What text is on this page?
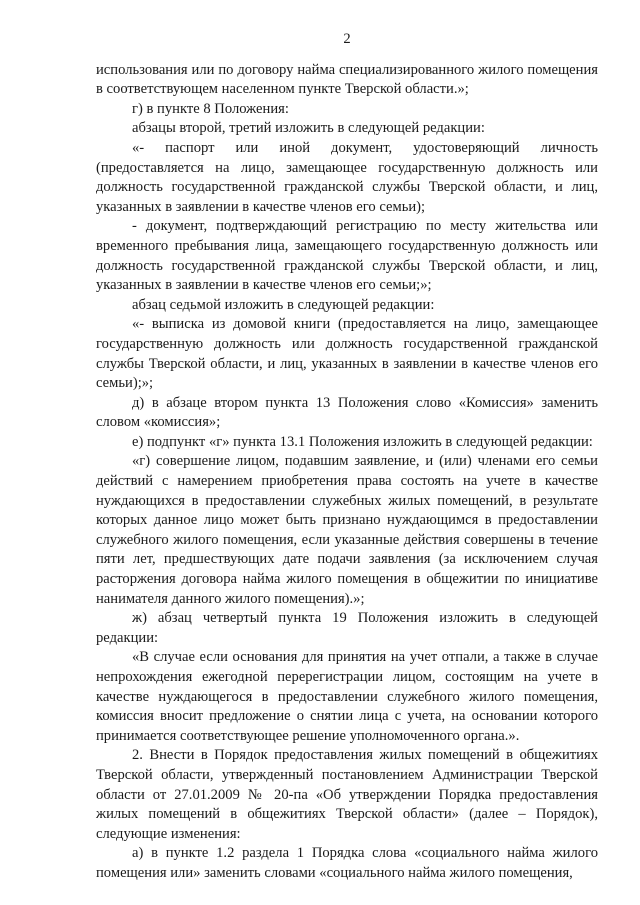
2

использования или по договору найма специализированного жилого помещения в соответствующем населенном пункте Тверской области.»;

г) в пункте 8 Положения:

абзацы второй, третий изложить в следующей редакции:

«- паспорт или иной документ, удостоверяющий личность (предоставляется на лицо, замещающее государственную должность или должность государственной гражданской службы Тверской области, и лиц, указанных в заявлении в качестве членов его семьи);

- документ, подтверждающий регистрацию по месту жительства или временного пребывания лица, замещающего государственную должность или должность государственной гражданской службы Тверской области, и лиц, указанных в заявлении в качестве членов его семьи;»;

абзац седьмой изложить в следующей редакции:

«- выписка из домовой книги (предоставляется на лицо, замещающее государственную должность или должность государственной гражданской службы Тверской области, и лиц, указанных в заявлении в качестве членов его семьи);»;

д) в абзаце втором пункта 13 Положения слово «Комиссия» заменить словом «комиссия»;

е) подпункт «г» пункта 13.1 Положения изложить в следующей редакции:

«г) совершение лицом, подавшим заявление, и (или) членами его семьи действий с намерением приобретения права состоять на учете в качестве нуждающихся в предоставлении служебных жилых помещений, в результате которых данное лицо может быть признано нуждающимся в предоставлении служебного жилого помещения, если указанные действия совершены в течение пяти лет, предшествующих дате подачи заявления (за исключением случая расторжения договора найма жилого помещения в общежитии по инициативе нанимателя данного жилого помещения).»;

ж) абзац четвертый пункта 19 Положения изложить в следующей редакции:

«В случае если основания для принятия на учет отпали, а также в случае непрохождения ежегодной перерегистрации лицом, состоящим на учете в качестве нуждающегося в предоставлении служебного жилого помещения, комиссия вносит предложение о снятии лица с учета, на основании которого принимается соответствующее решение уполномоченного органа.».

2. Внести в Порядок предоставления жилых помещений в общежитиях Тверской области, утвержденный постановлением Администрации Тверской области от 27.01.2009 № 20-па «Об утверждении Порядка предоставления жилых помещений в общежитиях Тверской области» (далее – Порядок), следующие изменения:

а) в пункте 1.2 раздела 1 Порядка слова «социального найма жилого помещения или» заменить словами «социального найма жилого помещения,
